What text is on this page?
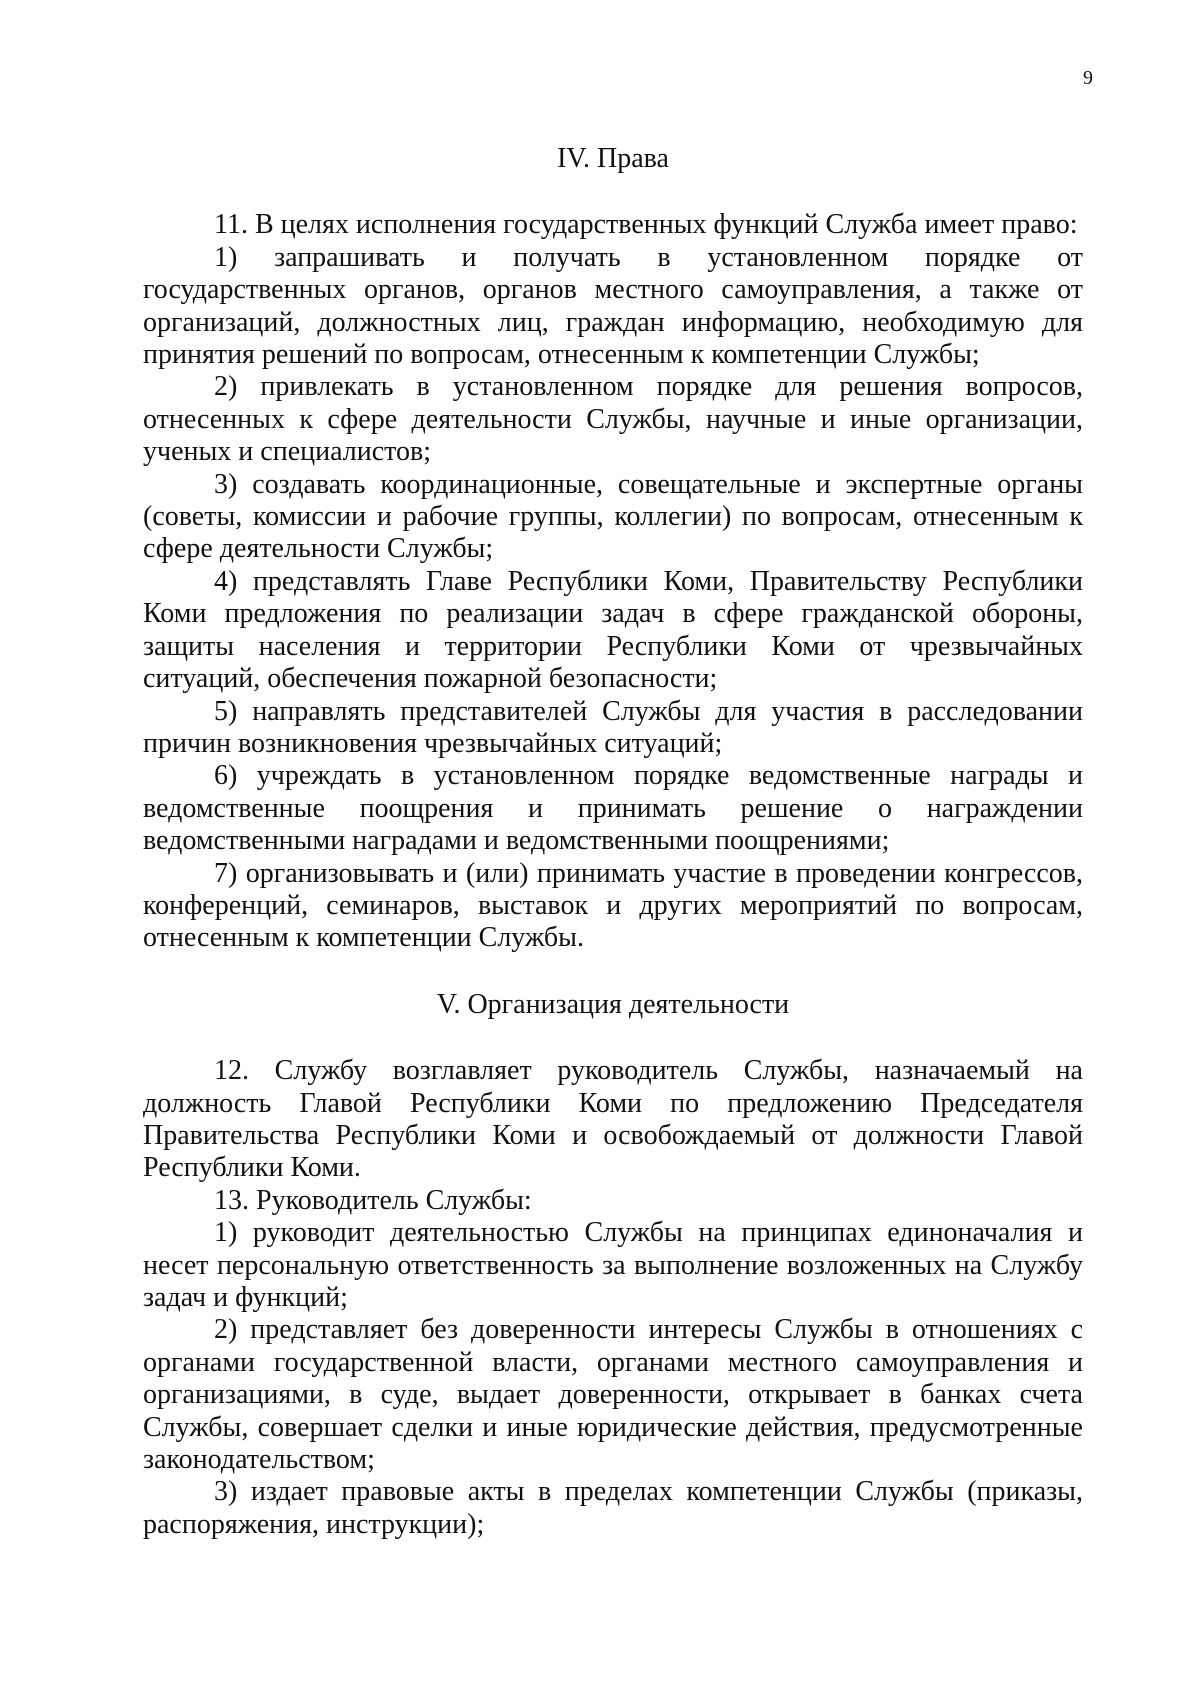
9
IV. Права

11. В целях исполнения государственных функций Служба имеет право:

1) запрашивать и получать в установленном порядке от государственных органов, органов местного самоуправления, а также от организаций, должностных лиц, граждан информацию, необходимую для принятия решений по вопросам, отнесенным к компетенции Службы;

2) привлекать в установленном порядке для решения вопросов, отнесенных к сфере деятельности Службы, научные и иные организации, ученых и специалистов;

3) создавать координационные, совещательные и экспертные органы (советы, комиссии и рабочие группы, коллегии) по вопросам, отнесенным к сфере деятельности Службы;

4) представлять Главе Республики Коми, Правительству Республики Коми предложения по реализации задач в сфере гражданской обороны, защиты населения и территории Республики Коми от чрезвычайных ситуаций, обеспечения пожарной безопасности;

5) направлять представителей Службы для участия в расследовании причин возникновения чрезвычайных ситуаций;

6) учреждать в установленном порядке ведомственные награды и ведомственные поощрения и принимать решение о награждении ведомственными наградами и ведомственными поощрениями;

7) организовывать и (или) принимать участие в проведении конгрессов, конференций, семинаров, выставок и других мероприятий по вопросам, отнесенным к компетенции Службы.

V. Организация деятельности

12. Службу возглавляет руководитель Службы, назначаемый на должность Главой Республики Коми по предложению Председателя Правительства Республики Коми и освобождаемый от должности Главой Республики Коми.

13. Руководитель Службы:

1) руководит деятельностью Службы на принципах единоначалия и несет персональную ответственность за выполнение возложенных на Службу задач и функций;

2) представляет без доверенности интересы Службы в отношениях с органами государственной власти, органами местного самоуправления и организациями, в суде, выдает доверенности, открывает в банках счета Службы, совершает сделки и иные юридические действия, предусмотренные законодательством;

3) издает правовые акты в пределах компетенции Службы (приказы, распоряжения, инструкции);
